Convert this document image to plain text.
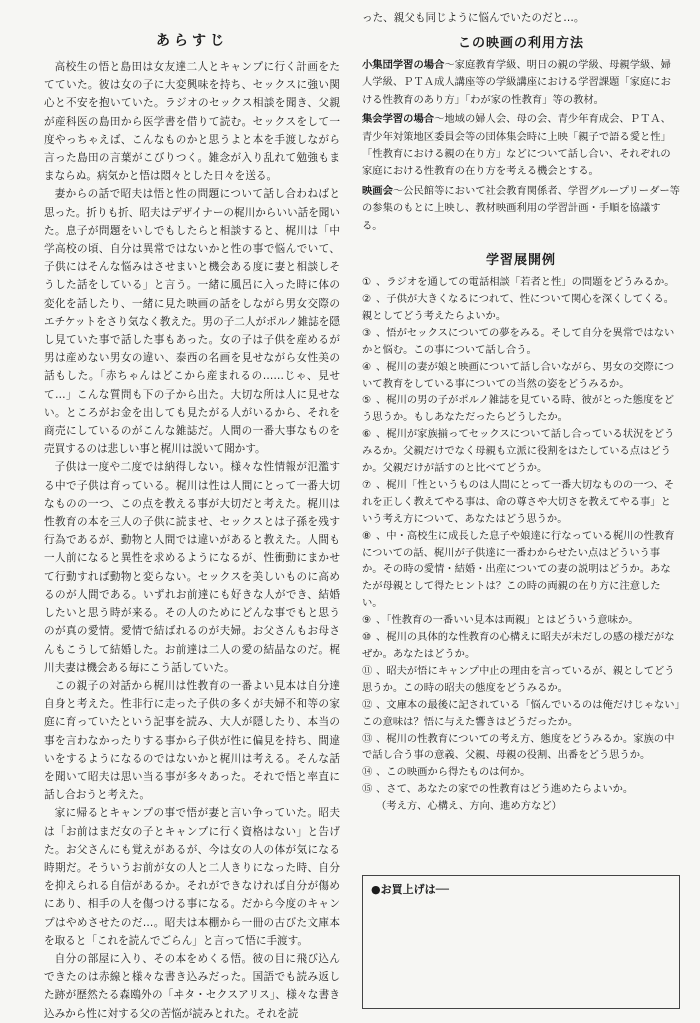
あらすじ

高校生の悟と島田は女友達二人とキャンプに行く計画をたてていた。彼は女の子に大変興味を持ち、セックスに強い関心と不安を抱いていた。ラジオのセックス相談を聞き、父親が産科医の島田から医学書を借りて読む。セックスをして一度やっちゃえば、こんなものかと思うよと本を手渡しながら言った島田の言葉がこびりつく。雑念が入り乱れて勉強もままならぬ。病気かと悟は悶々とした日々を送る。

妻からの話で昭夫は悟と性の問題について話し合わねばと思った。折りも折、昭夫はデザイナーの梶川からいい話を聞いた。息子が問題をいしでもしたらと相談すると、梶川は「中学高校の頃、自分は異常ではないかと性の事で悩んでいて、子供にはそんな悩みはさせまいと機会ある度に妻と相談しそうした話をしている」と言う。一緒に風呂に入った時に体の変化を話したり、一緒に見た映画の話をしながら男女交際のエチケットをさり気なく教えた。男の子二人がポルノ雑誌を隠し見ていた事で話した事もあった。女の子は子供を産めるが男は産めない男女の違い、泰西の名画を見せながら女性美の話もした。「赤ちゃんはどこから産まれるの……じゃ、見せて…」こんな質問も下の子から出た。大切な所は人に見せない。ところがお金を出しても見たがる人がいるから、それを商売にしているのがこんな雑誌だ。人間の一番大事なものを売買するのは悲しい事と梶川は説いて聞かす。

子供は一度や二度では納得しない。様々な性情報が氾濫する中で子供は育っている。梶川は性は人間にとって一番大切なものの一つ、この点を教える事が大切だと考えた。梶川は性教育の本を三人の子供に読ませ、セックスとは子孫を残す行為であるが、動物と人間では違いがあると教えた。人間も一人前になると異性を求めるようになるが、性衝動にまかせて行動すれば動物と変らない。セックスを美しいものに高めるのが人間である。いずれお前達にも好きな人ができ、結婚したいと思う時が来る。その人のためにどんな事でもと思うのが真の愛情。愛情で結ばれるのが夫婦。お父さんもお母さんもこうして結婚した。お前達は二人の愛の結晶なのだ。梶川夫妻は機会ある毎にこう話していた。

この親子の対話から梶川は性教育の一番よい見本は自分達自身と考えた。性非行に走った子供の多くが夫婦不和等の家庭に育っていたという記事を読み、大人が隠したり、本当の事を言わなかったりする事から子供が性に偏見を持ち、間違いをするようになるのではないかと梶川は考える。そんな話を聞いて昭夫は思い当る事が多々あった。それで悟と率直に話し合おうと考えた。

家に帰るとキャンプの事で悟が妻と言い争っていた。昭夫は「お前はまだ女の子とキャンプに行く資格はない」と告げた。お父さんにも覚えがあるが、今は女の人の体が気になる時期だ。そういうお前が女の人と二人きりになった時、自分を抑えられる自信があるか。それができなければ自分が傷めにあり、相手の人を傷つける事になる。だから今度のキャンプはやめさせたのだ…。昭夫は本棚から一冊の古びた文庫本を取ると「これを読んでごらん」と言って悟に手渡す。

自分の部屋に入り、その本をめくる悟。彼の目に飛び込んできたのは赤線と様々な書き込みだった。国語でも読み返した跡が歴然たる森鴎外の「ヰタ・セクスアリス」、様々な書き込みから性に対する父の苦悩が読みとれた。それを読

った、親父も同じように悩んでいたのだと…。

この映画の利用方法

小集団学習の場合〜家庭教育学級、明日の親の学級、母親学級、婦人学級、ＰＴＡ成人講座等の学級講座における学習課題「家庭における性教育のあり方」「わが家の性教育」等の教材。

集会学習の場合〜地域の婦人会、母の会、青少年育成会、ＰＴＡ、青少年対策地区委員会等の団体集会時に上映「親子で語る愛と性」「性教育における親の在り方」などについて話し合い、それぞれの家庭における性教育の在り方を考える機会とする。

映画会〜公民館等において社会教育関係者、学習グループリーダー等の参集のもとに上映し、教材映画利用の学習計画・手順を協議する。

学習展開例
① 、ラジオを通しての電話相談「若者と性」の問題をどうみるか。
② 、子供が大きくなるにつれて、性について関心を深くしてくる。親としてどう考えたらよいか。
③ 、悟がセックスについての夢をみる。そして自分を異常ではないかと悩む。この事について話し合う。
④ 、梶川の妻が娘と映画について話し合いながら、男女の交際について教育をしている事についての当然の姿をどうみるか。
⑤ 、梶川の男の子がポルノ雑誌を見ている時、彼がとった態度をどう思うか。もしあなただったらどうしたか。
⑥ 、梶川が家族揃ってセックスについて話し合っている状況をどうみるか。父親だけでなく母親も立派に役割をはたしている点はどうか。父親だけが話すのと比べてどうか。
⑦ 、梶川「性というものは人間にとって一番大切なものの一つ、それを正しく教えてやる事は、命の尊さや大切さを教えてやる事」という考え方について、あなたはどう思うか。
⑧ 、中・高校生に成長した息子や娘達に行なっている梶川の性教育についての話、梶川が子供達に一番わからせたい点はどういう事か。その時の愛情・結婚・出産についての妻の説明はどうか。あなたが母親として得たヒントは？この時の両親の在り方に注意したい。
⑨ 、「性教育の一番いい見本は両親」とはどういう意味か。
⑩ 、梶川の具体的な性教育の心構えに昭夫が未だしの感の様だがなぜか。あなたはどうか。
⑪ 、昭夫が悟にキャンプ中止の理由を言っているが、親としてどう思うか。この時の昭夫の態度をどうみるか。
⑫ 、文庫本の最後に記されている「悩んでいるのは俺だけじゃない」この意味は？悟に与えた響きはどうだったか。
⑬ 、梶川の性教育についての考え方、態度をどうみるか。家族の中で話し合う事の意義、父親、母親の役割、出番をどう思うか。
⑭ 、この映画から得たものは何か。
⑮ 、さて、あなたの家での性教育はどう進めたらよいか。

（考え方、心構え、方向、進め方など）

●お買上げは──
